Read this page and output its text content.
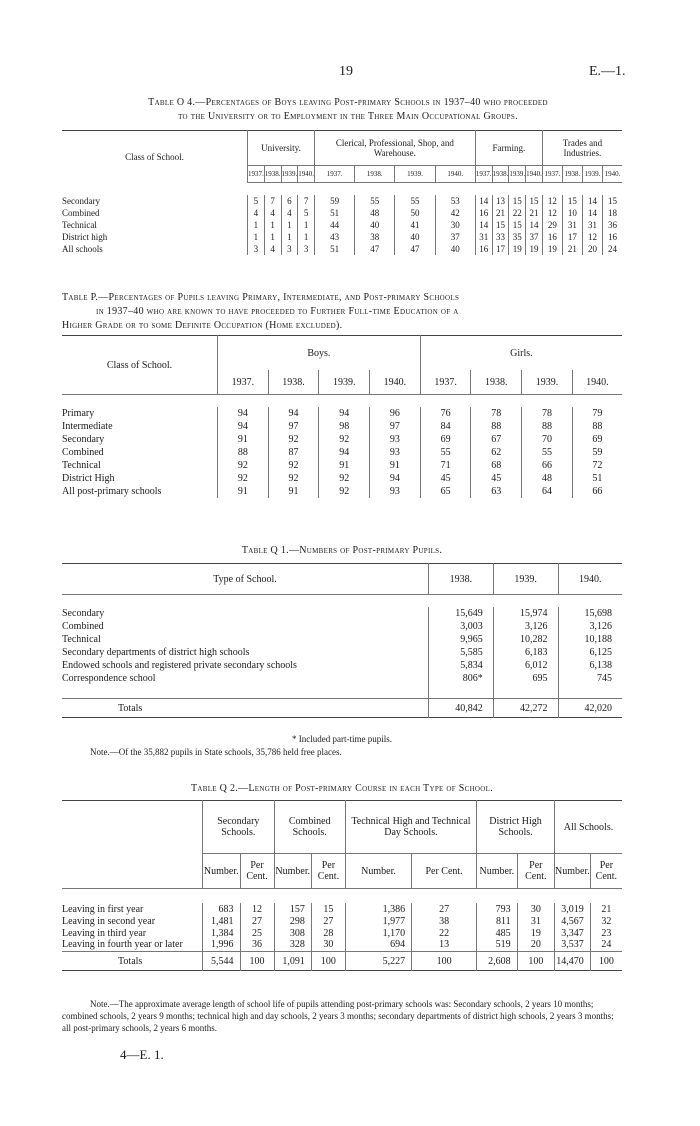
19	E.—1.
Table O 4.—Percentages of Boys leaving Post-primary Schools in 1937–40 who proceeded
to the University or to Employment in the Three Main Occupational Groups.
Class of School.	University.				Clerical, Professional, Shop, and Warehouse.				Farming.				Trades and Industries.			
	1937.	1938.	1939.	1940.	1937.	1938.	1939.	1940.	1937.	1938.	1939.	1940.	1937.	1938.	1939.	1940.

Secondary	5	7	6	7	59	55	55	53	14	13	15	15	12	15	14	15
Combined	4	4	4	5	51	48	50	42	16	21	22	21	12	10	14	18
Technical	1	1	1	1	44	40	41	30	14	15	15	14	29	31	31	36
District high	1	1	1	1	43	38	40	37	31	33	35	37	16	17	12	16
All schools	3	4	3	3	51	47	47	40	16	17	19	19	19	21	20	24
Table P.—Percentages of Pupils leaving Primary, Intermediate, and Post-primary Schools
in 1937–40 who are known to have proceeded to Further Full-time Education of a
Higher Grade or to some Definite Occupation (Home excluded).
Class of School.	Boys.				Girls.			
	1937.	1938.	1939.	1940.	1937.	1938.	1939.	1940.

Primary	94	94	94	96	76	78	78	79
Intermediate	94	97	98	97	84	88	88	88
Secondary	91	92	92	93	69	67	70	69
Combined	88	87	94	93	55	62	55	59
Technical	92	92	91	91	71	68	66	72
District High	92	92	92	94	45	45	48	51
All post-primary schools	91	91	92	93	65	63	64	66
Table Q 1.—Numbers of Post-primary Pupils.
Type of School.	1938.	1939.	1940.

Secondary	15,649	15,974	15,698
Combined	3,003	3,126	3,126
Technical	9,965	10,282	10,188
Secondary departments of district high schools	5,585	6,183	6,125
Endowed schools and registered private secondary schools	5,834	6,012	6,138
Correspondence school	806*	695	745

Totals	40,842	42,272	42,020

* Included part-time pupils.
Note.—Of the 35,882 pupils in State schools, 35,786 held free places.
Table Q 2.—Length of Post-primary Course in each Type of School.
	Secondary Schools.		Combined Schools.		Technical High and Technical Day Schools.		District High Schools.		All Schools.	
	Number.	Per Cent.	Number.	Per Cent.	Number.	Per Cent.	Number.	Per Cent.	Number.	Per Cent.

Leaving in first year	683	12	157	15	1,386	27	793	30	3,019	21
Leaving in second year	1,481	27	298	27	1,977	38	811	31	4,567	32
Leaving in third year	1,384	25	308	28	1,170	22	485	19	3,347	23
Leaving in fourth year or later	1,996	36	328	30	694	13	519	20	3,537	24
Totals	5,544	100	1,091	100	5,227	100	2,608	100	14,470	100

Note.—The approximate average length of school life of pupils attending post-primary schools was: Secondary schools, 2 years 10 months; combined schools, 2 years 9 months; technical high and day schools, 2 years 3 months; secondary departments of district high schools, 2 years 3 months; all post-primary schools, 2 years 6 months.
4—E. 1.
